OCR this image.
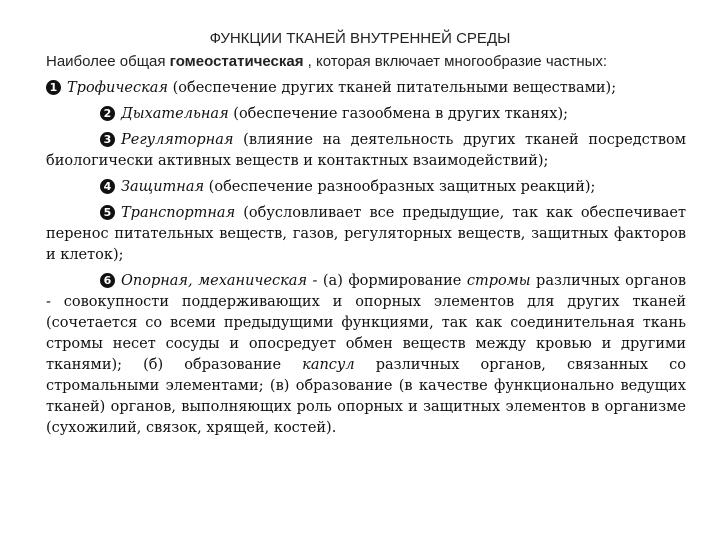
ФУНКЦИИ ТКАНЕЙ ВНУТРЕННЕЙ СРЕДЫ
Наиболее общая гомеостатическая , которая включает многообразие частных:

1 Трофическая (обеспечение других тканей питательными веществами);

2 Дыхательная (обеспечение газообмена в других тканях);

3 Регуляторная (влияние на деятельность других тканей посредством биологически активных веществ и контактных взаимодействий);

4 Защитная (обеспечение разнообразных защитных реакций);

5 Транспортная (обусловливает все предыдущие, так как обеспечивает перенос питательных веществ, газов, регуляторных веществ, защитных факторов и клеток);

6 Опорная, механическая - (а) формирование стромы различных органов - совокупности поддерживающих и опорных элементов для других тканей (сочетается со всеми предыдущими функциями, так как соединительная ткань стромы несет сосуды и опосредует обмен веществ между кровью и другими тканями); (б) образование капсул различных органов, связанных со стромальными элементами; (в) образование (в качестве функционально ведущих тканей) органов, выполняющих роль опорных и защитных элементов в организме (сухожилий, связок, хрящей, костей).
